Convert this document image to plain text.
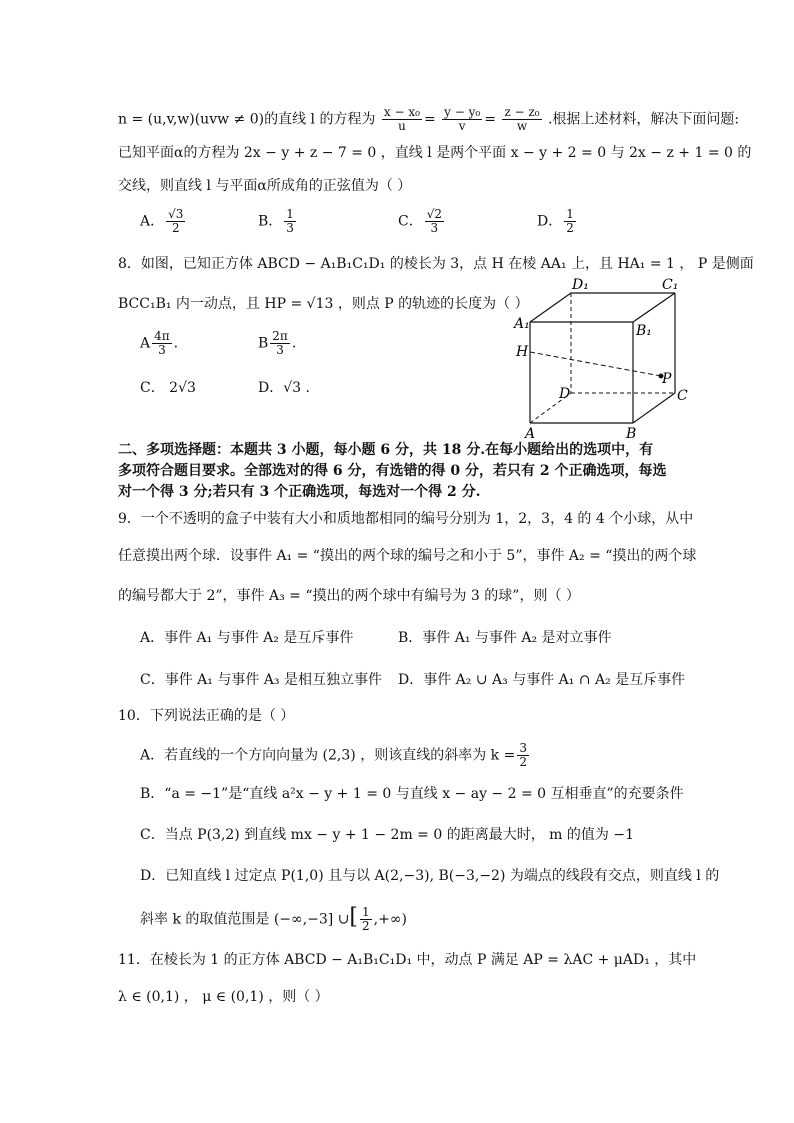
n = (u,v,w)(uvw ≠ 0)的直线 l 的方程为 $\frac{\text{x − x₀}}{u} = \frac{\text{y − y₀}}{v} = \frac{\text{z − z₀}}{w}$ .根据上述材料，解决下面问题:
已知平面α的方程为 2x − y + z − 7 = 0 ，直线 l 是两个平面 x − y + 2 = 0 与 2x − z + 1 = 0 的
交线，则直线 l 与平面α所成角的正弦值为（ ）
A． $\frac{√3}{2}$	B． $\frac{1}{3}$	C． $\frac{√2}{3}$	D． $\frac{1}{2}$
8．如图，已知正方体 ABCD − A₁B₁C₁D₁ 的棱长为 3，点 H 在棱 AA₁ 上，且 HA₁ = 1 ， P 是侧面
BCC₁B₁ 内一动点，且 HP = √13 ，则点 P 的轨迹的长度为（ ）
A $\frac{4\pi}{3}$ .	B $\frac{2\pi}{3}$ .
C． 2√3	D．√3 .
A	B
C
D
A₁	B₁
C₁
D₁
H
P
二、多项选择题：本题共 3 小题，每小题 6 分，共 18 分.在每小题给出的选项中，有
多项符合题目要求。全部选对的得 6 分，有选错的得 0 分，若只有 2 个正确选项，每选
对一个得 3 分;若只有 3 个正确选项，每选对一个得 2 分.
9．一个不透明的盒子中装有大小和质地都相同的编号分别为 1，2，3，4 的 4 个小球，从中
任意摸出两个球．设事件 A₁ = “摸出的两个球的编号之和小于 5”，事件 A₂ = “摸出的两个球
的编号都大于 2”，事件 A₃ = “摸出的两个球中有编号为 3 的球”，则（ ）
A．事件 A₁ 与事件 A₂ 是互斥事件	B．事件 A₁ 与事件 A₂ 是对立事件
C．事件 A₁ 与事件 A₃ 是相互独立事件 D．事件 A₂ ∪ A₃ 与事件 A₁ ∩ A₂ 是互斥事件
10．下列说法正确的是（ ）
A．若直线的一个方向向量为 (2,3) ，则该直线的斜率为 $k = \frac{3}{2}$
B．“a = −1”是“直线 a²x − y + 1 = 0 与直线 x − ay − 2 = 0 互相垂直”的充要条件
C．当点 P(3,2) 到直线 mx − y + 1 − 2m = 0 的距离最大时， m 的值为 −1
D．已知直线 l 过定点 P(1,0) 且与以 A(2,−3), B(−3,−2) 为端点的线段有交点，则直线 l 的
斜率 k 的取值范围是 (−∞,−3] ∪[ $\frac{1}{2}$ ,+∞)
11．在棱长为 1 的正方体 ABCD − A₁B₁C₁D₁ 中，动点 P 满足 AP = λAC + μAD₁ ，其中
λ ∈ (0,1) ， μ ∈ (0,1) ，则（ ）
